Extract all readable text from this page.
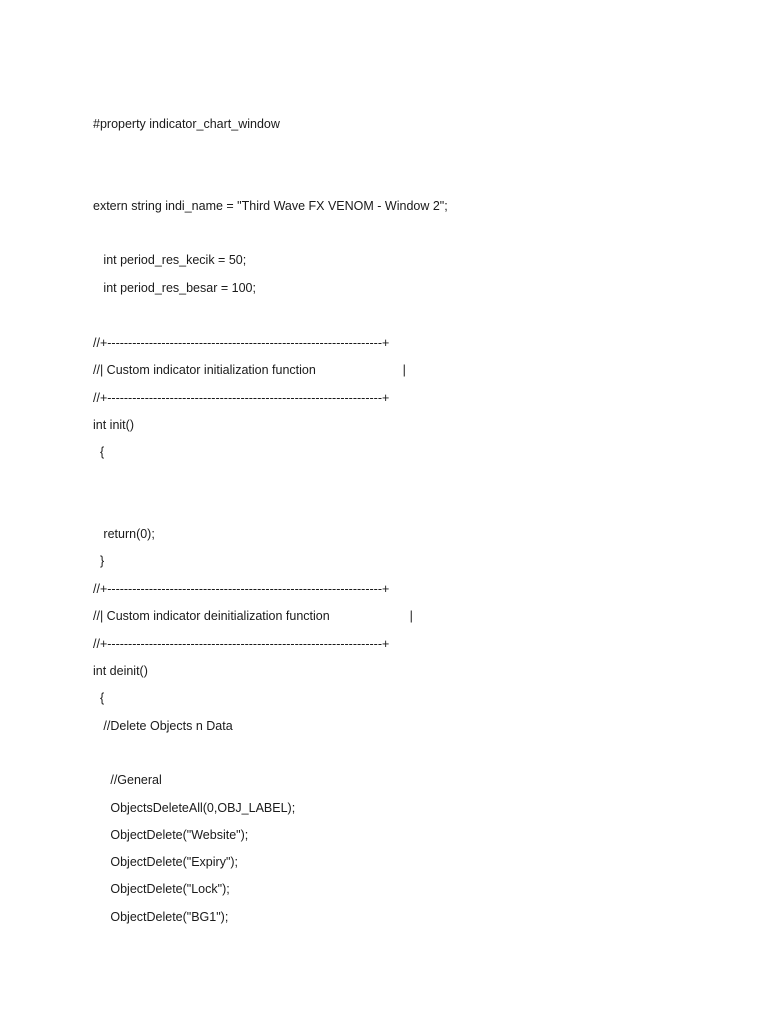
#property indicator_chart_window

extern string indi_name = "Third Wave FX VENOM - Window 2";

int period_res_kecik = 50;

int period_res_besar = 100;

//+------------------------------------------------------------------+

//| Custom indicator initialization function                         |

//+------------------------------------------------------------------+

int init()

{

return(0);

}

//+------------------------------------------------------------------+

//| Custom indicator deinitialization function                       |

//+------------------------------------------------------------------+

int deinit()

{

//Delete Objects n Data

//General

ObjectsDeleteAll(0,OBJ_LABEL);

ObjectDelete("Website");

ObjectDelete("Expiry");

ObjectDelete("Lock");

ObjectDelete("BG1");
